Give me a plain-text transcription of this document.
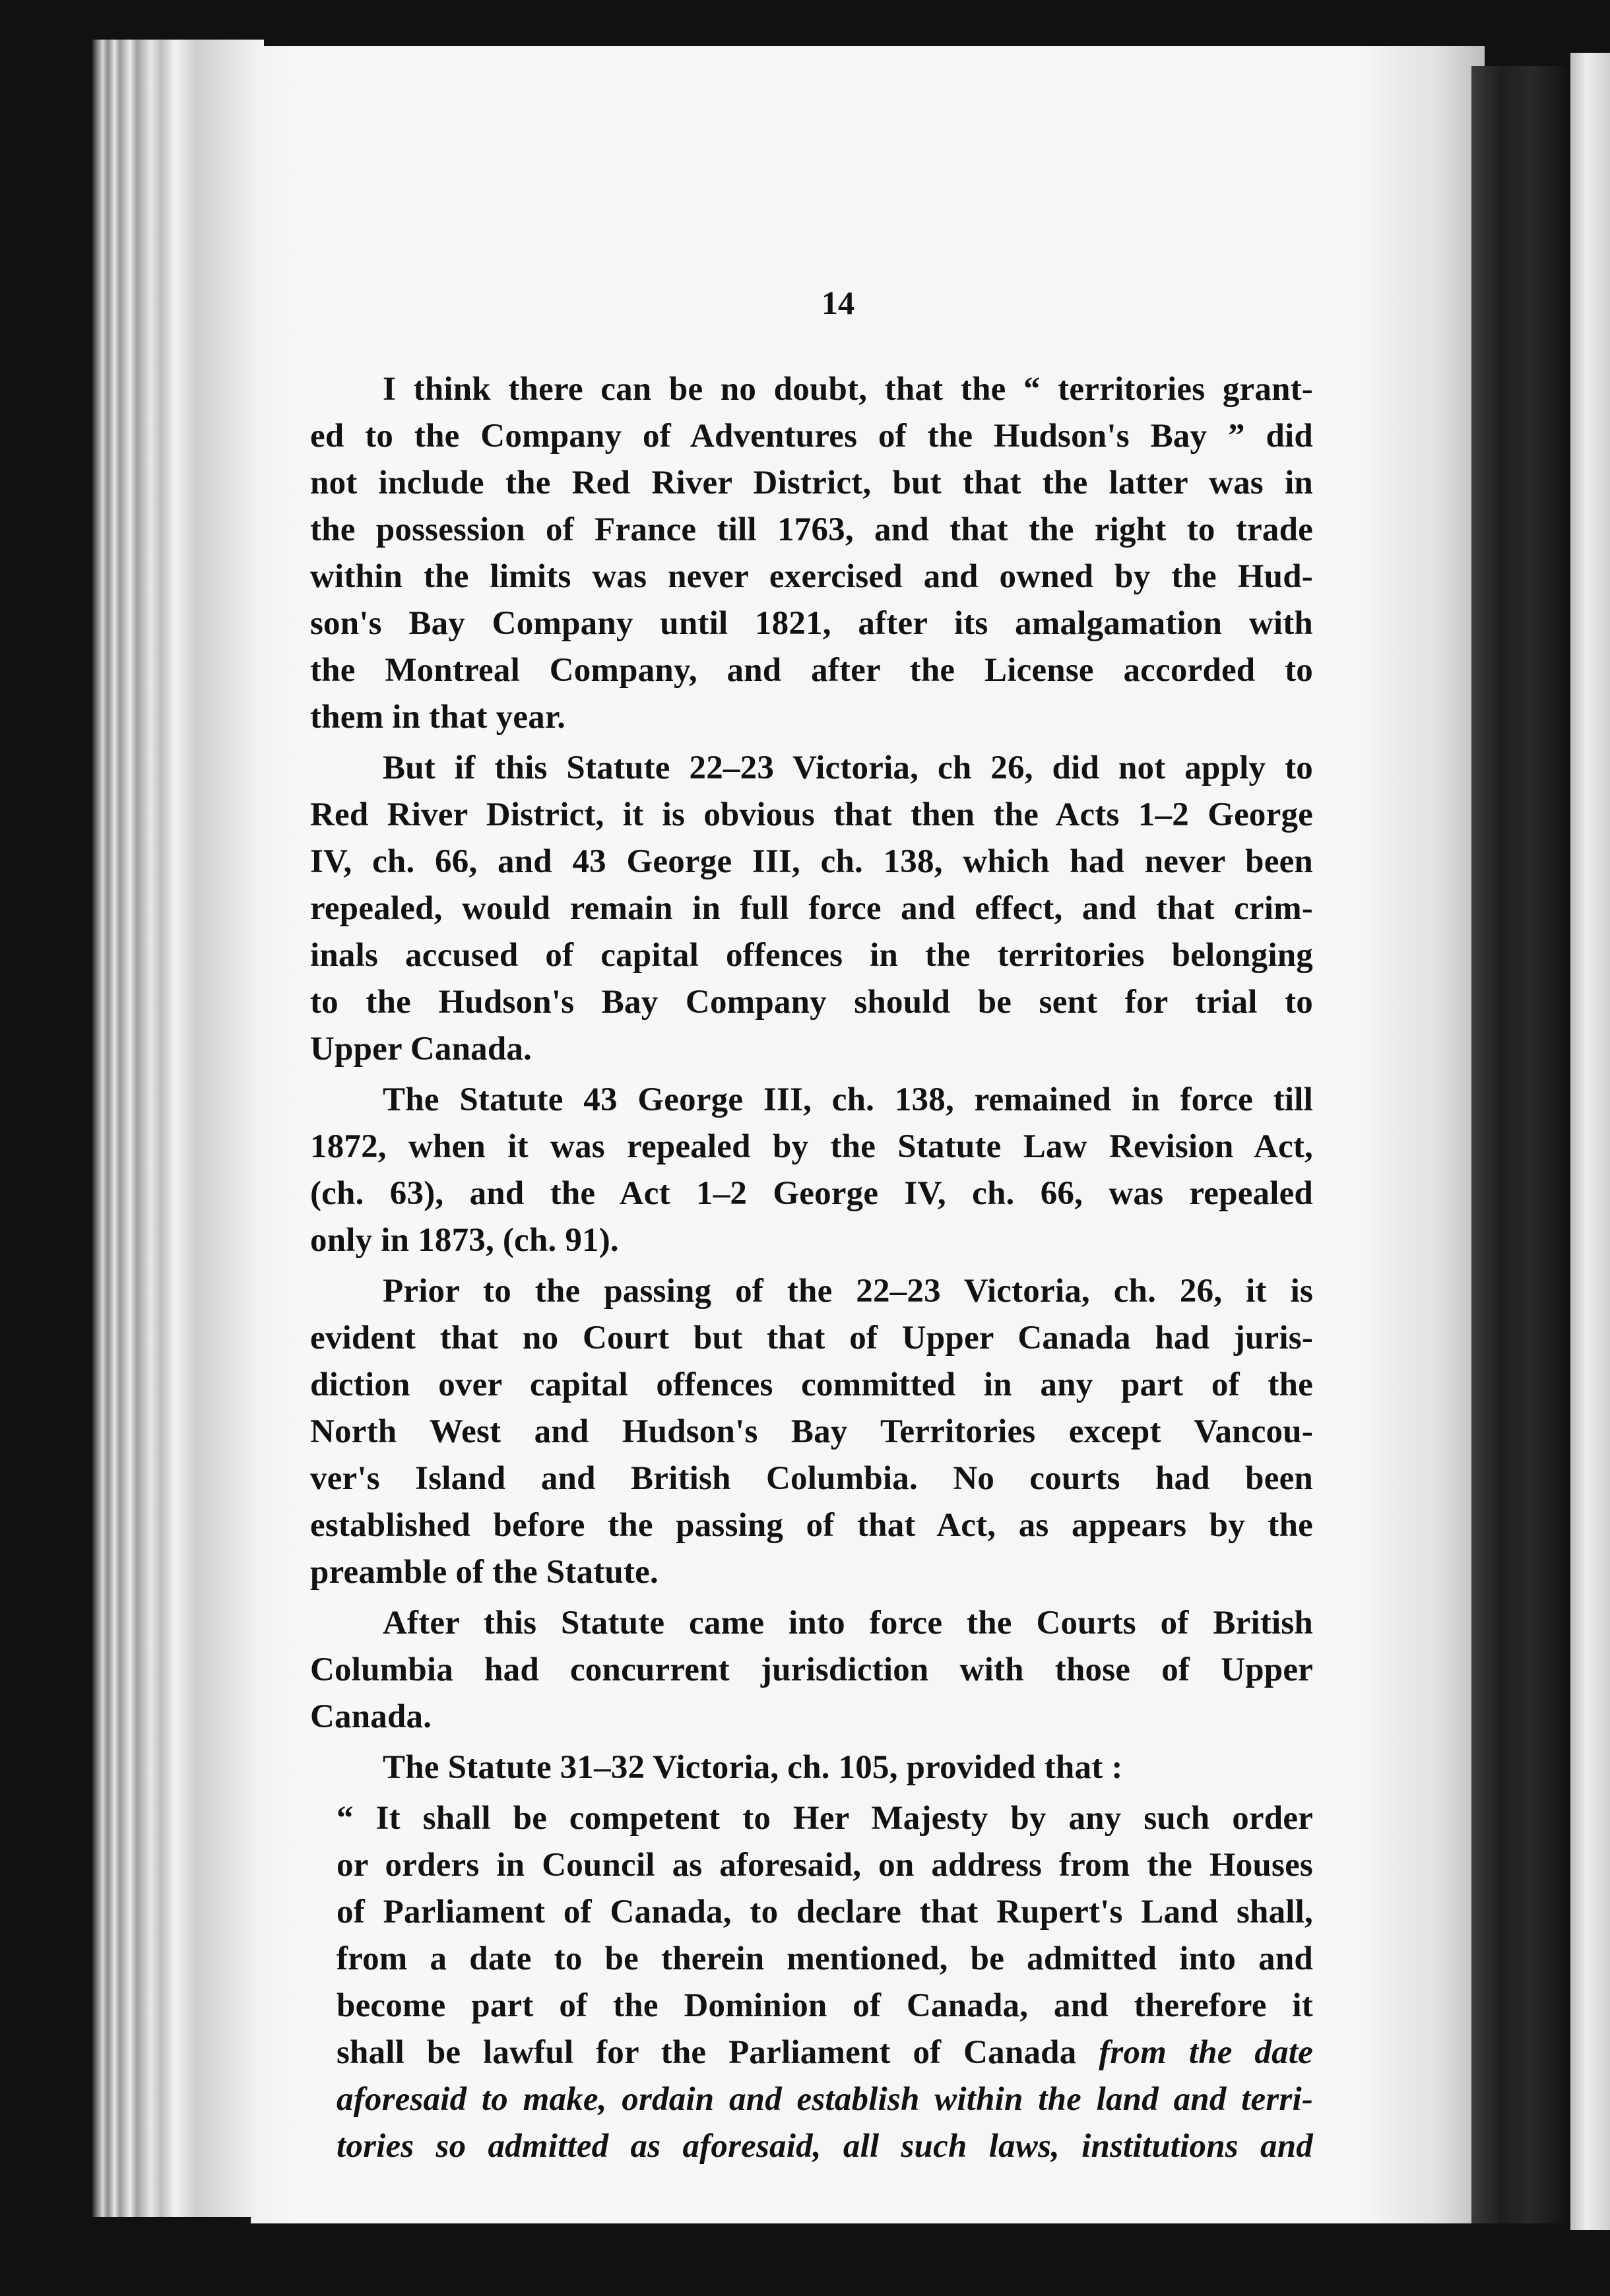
14
I think there can be no doubt, that the “ territories grant-
ed to the Company of Adventures of the Hudson's Bay ” did
not include the Red River District, but that the latter was in
the possession of France till 1763, and that the right to trade
within the limits was never exercised and owned by the Hud-
son's Bay Company until 1821, after its amalgamation with
the Montreal Company, and after the License accorded to
them in that year.
But if this Statute 22–23 Victoria, ch 26, did not apply to
Red River District, it is obvious that then the Acts 1–2 George
IV, ch. 66, and 43 George III, ch. 138, which had never been
repealed, would remain in full force and effect, and that crim-
inals accused of capital offences in the territories belonging
to the Hudson's Bay Company should be sent for trial to
Upper Canada.
The Statute 43 George III, ch. 138, remained in force till
1872, when it was repealed by the Statute Law Revision Act,
(ch. 63), and the Act 1–2 George IV, ch. 66, was repealed
only in 1873, (ch. 91).
Prior to the passing of the 22–23 Victoria, ch. 26, it is
evident that no Court but that of Upper Canada had juris-
diction over capital offences committed in any part of the
North West and Hudson's Bay Territories except Vancou-
ver's Island and British Columbia. No courts had been
established before the passing of that Act, as appears by the
preamble of the Statute.
After this Statute came into force the Courts of British
Columbia had concurrent jurisdiction with those of Upper
Canada.
The Statute 31–32 Victoria, ch. 105, provided that :
“ It shall be competent to Her Majesty by any such order
or orders in Council as aforesaid, on address from the Houses
of Parliament of Canada, to declare that Rupert's Land shall,
from a date to be therein mentioned, be admitted into and
become part of the Dominion of Canada, and therefore it
shall be lawful for the Parliament of Canada from the date
aforesaid to make, ordain and establish within the land and terri-
tories so admitted as aforesaid, all such laws, institutions and
